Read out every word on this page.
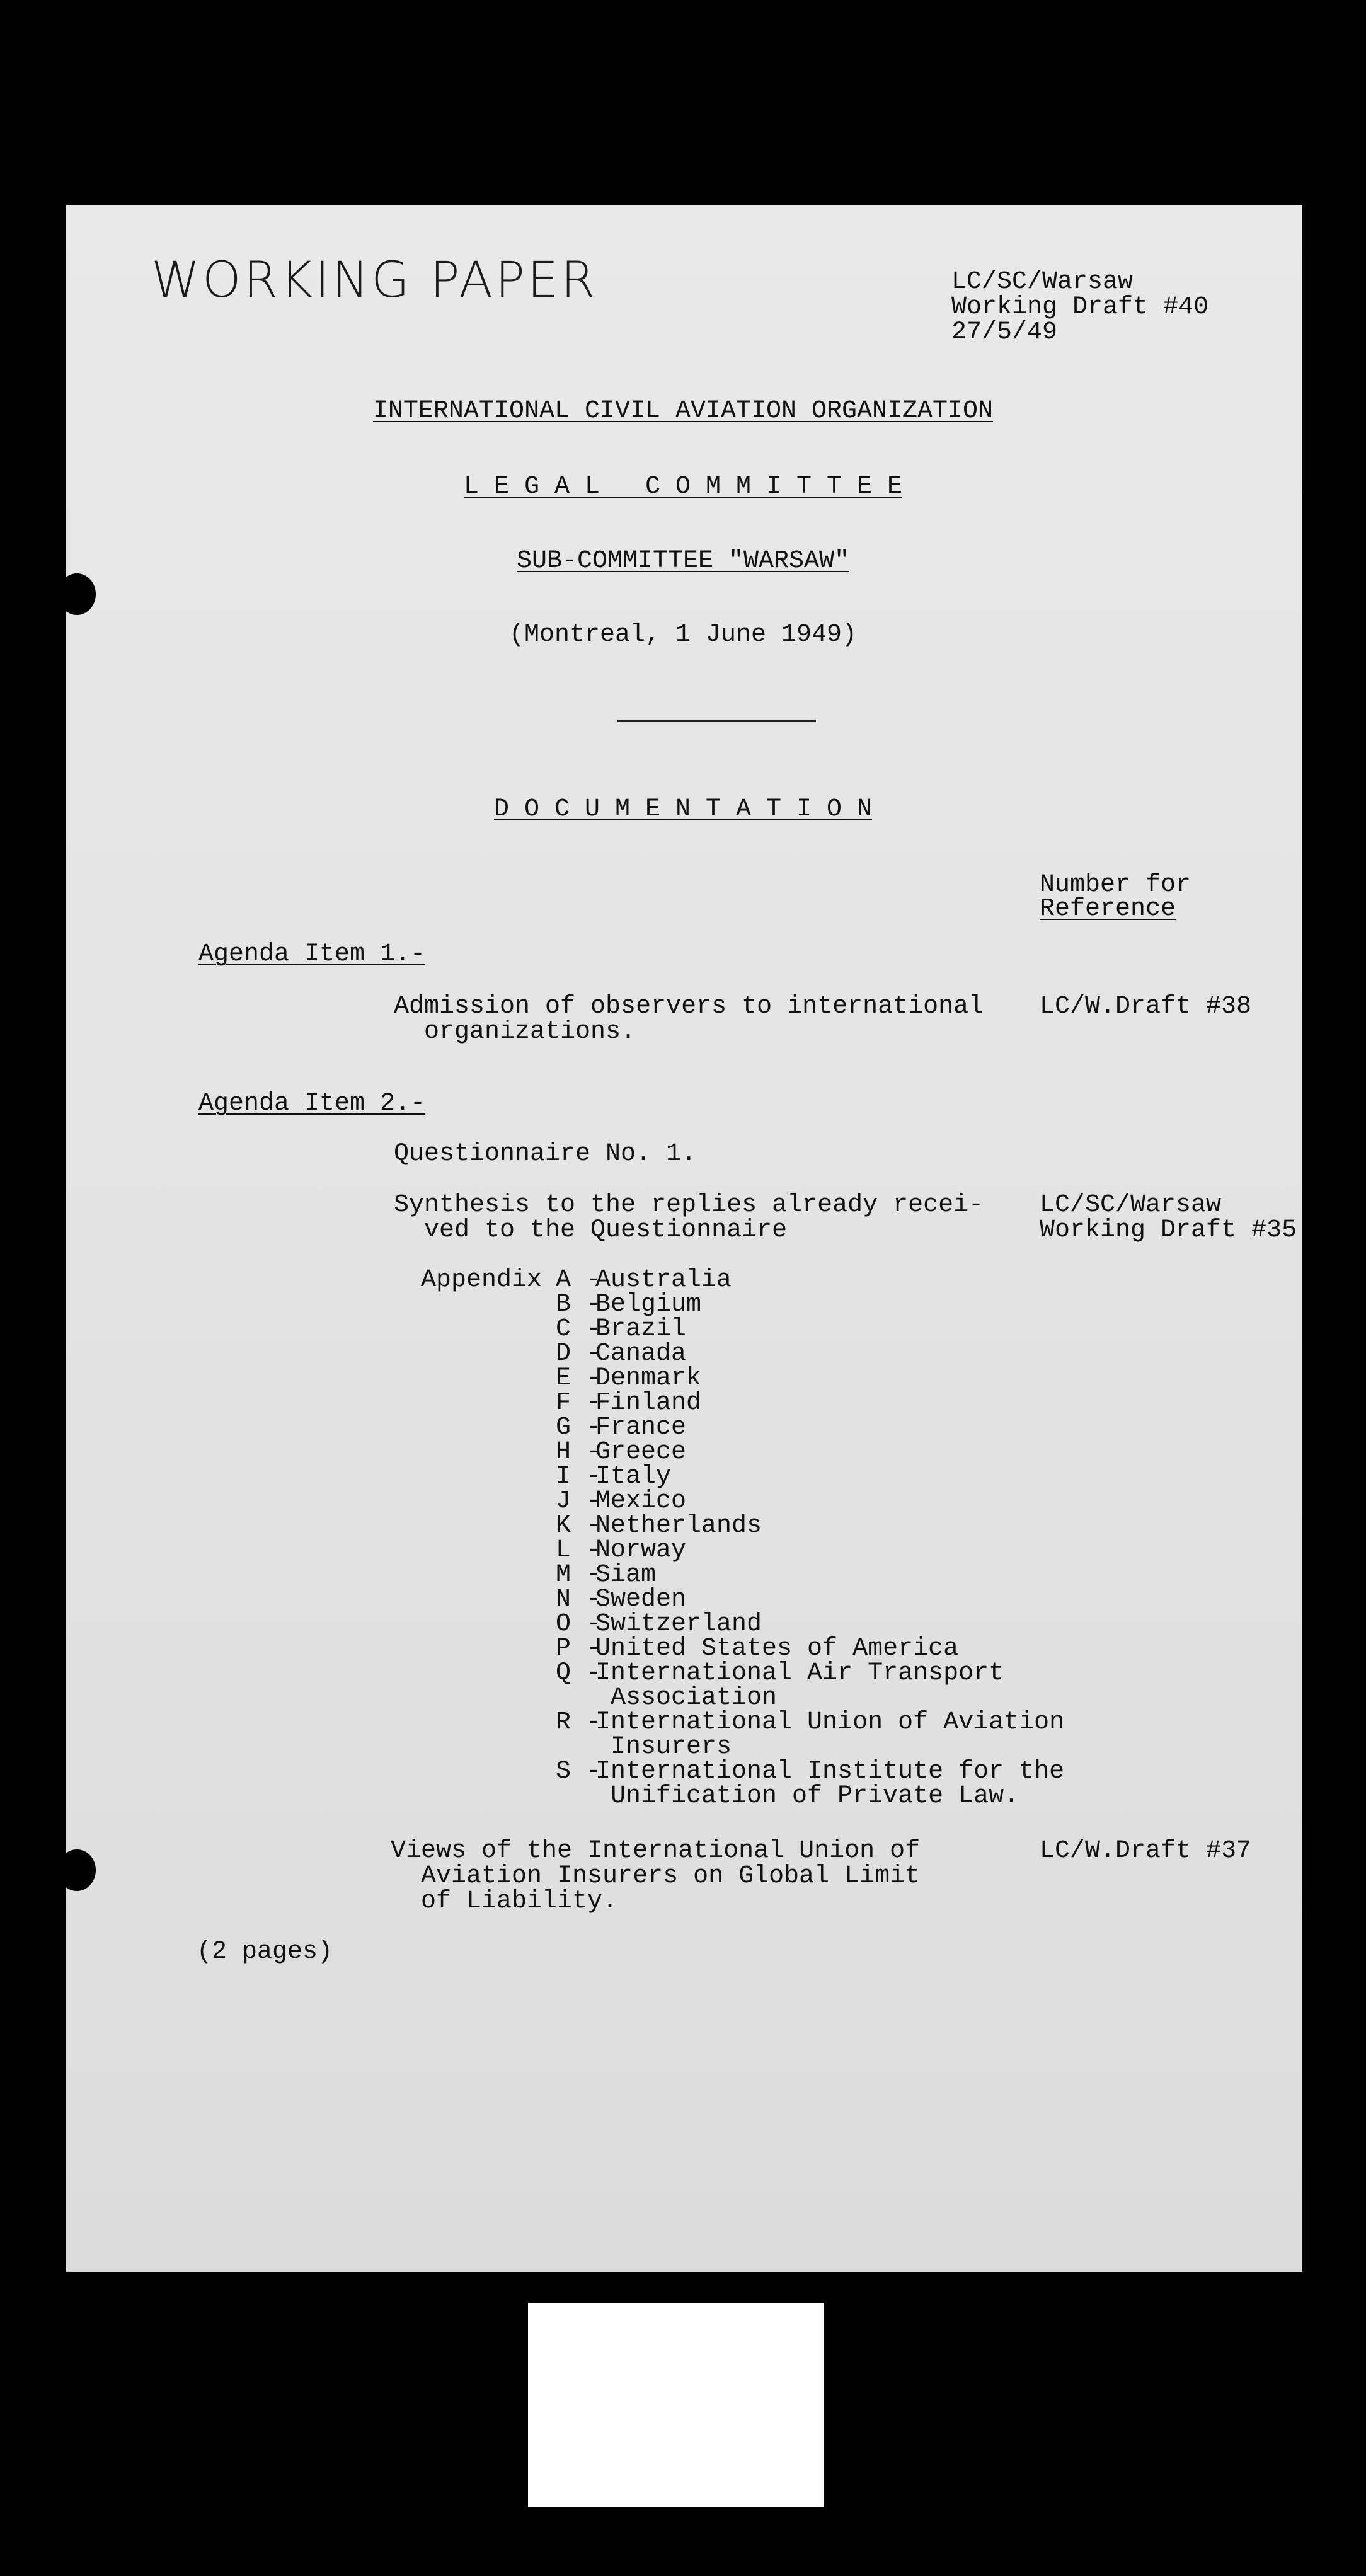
WORKING PAPER	LC/SC/Warsaw
Working Draft #40
27/5/49
INTERNATIONAL CIVIL AVIATION ORGANIZATION
L E G A L   C O M M I T T E E
SUB-COMMITTEE "WARSAW"
(Montreal, 1 June 1949)
D O C U M E N T A T I O N
Number for
Reference
Agenda Item 1.-
Admission of observers to international
organizations.
LC/W.Draft #38
Agenda Item 2.-
Questionnaire No. 1.
Synthesis to the replies already recei-
ved to the Questionnaire
LC/SC/Warsaw
Working Draft #35
Appendix A -
B -
C -
D -
E -
F -
G -
H -
I -
J -
K -
L -
M -
N -
O -
P -
Q -
R -
S -
Australia
Belgium
Brazil
Canada
Denmark
Finland
France
Greece
Italy
Mexico
Netherlands
Norway
Siam
Sweden
Switzerland
United States of America
International Air Transport
Association
International Union of Aviation
Insurers
International Institute for the
Unification of Private Law.
Views of the International Union of
Aviation Insurers on Global Limit
of Liability.
LC/W.Draft #37
(2 pages)
